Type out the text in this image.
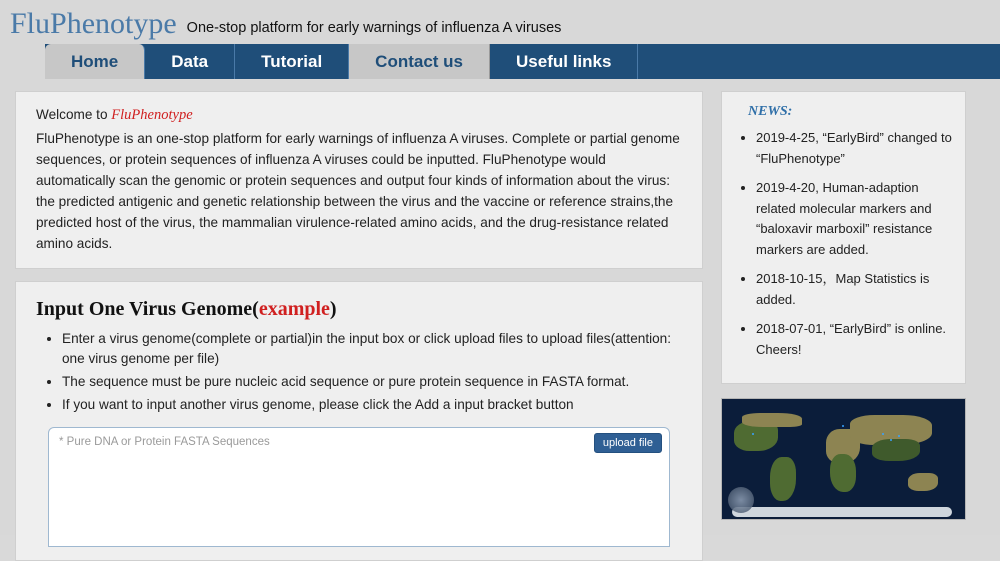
FluPhenotype One-stop platform for early warnings of influenza A viruses
Home	Data	Tutorial	Contact us	Useful links
Welcome to FluPhenotype
FluPhenotype is an one-stop platform for early warnings of influenza A viruses. Complete or partial genome sequences, or protein sequences of influenza A viruses could be inputted. FluPhenotype would automatically scan the genomic or protein sequences and output four kinds of information about the virus: the predicted antigenic and genetic relationship between the virus and the vaccine or reference strains,the predicted host of the virus, the mammalian virulence-related amino acids, and the drug-resistance related amino acids.
Input One Virus Genome(example)
• Enter a virus genome(complete or partial)in the input box or click upload files to upload files(attention: one virus genome per file)
• The sequence must be pure nucleic acid sequence or pure protein sequence in FASTA format.
• If you want to input another virus genome, please click the Add a input bracket button
* Pure DNA or Protein FASTA Sequences	upload file
NEWS:
• 2019-4-25, “EarlyBird” changed to “FluPhenotype”
• 2019-4-20, Human-adaption related molecular markers and “baloxavir marboxil” resistance markers are added.
• 2018-10-15，Map Statistics is added.
• 2018-07-01, “EarlyBird” is online. Cheers!
